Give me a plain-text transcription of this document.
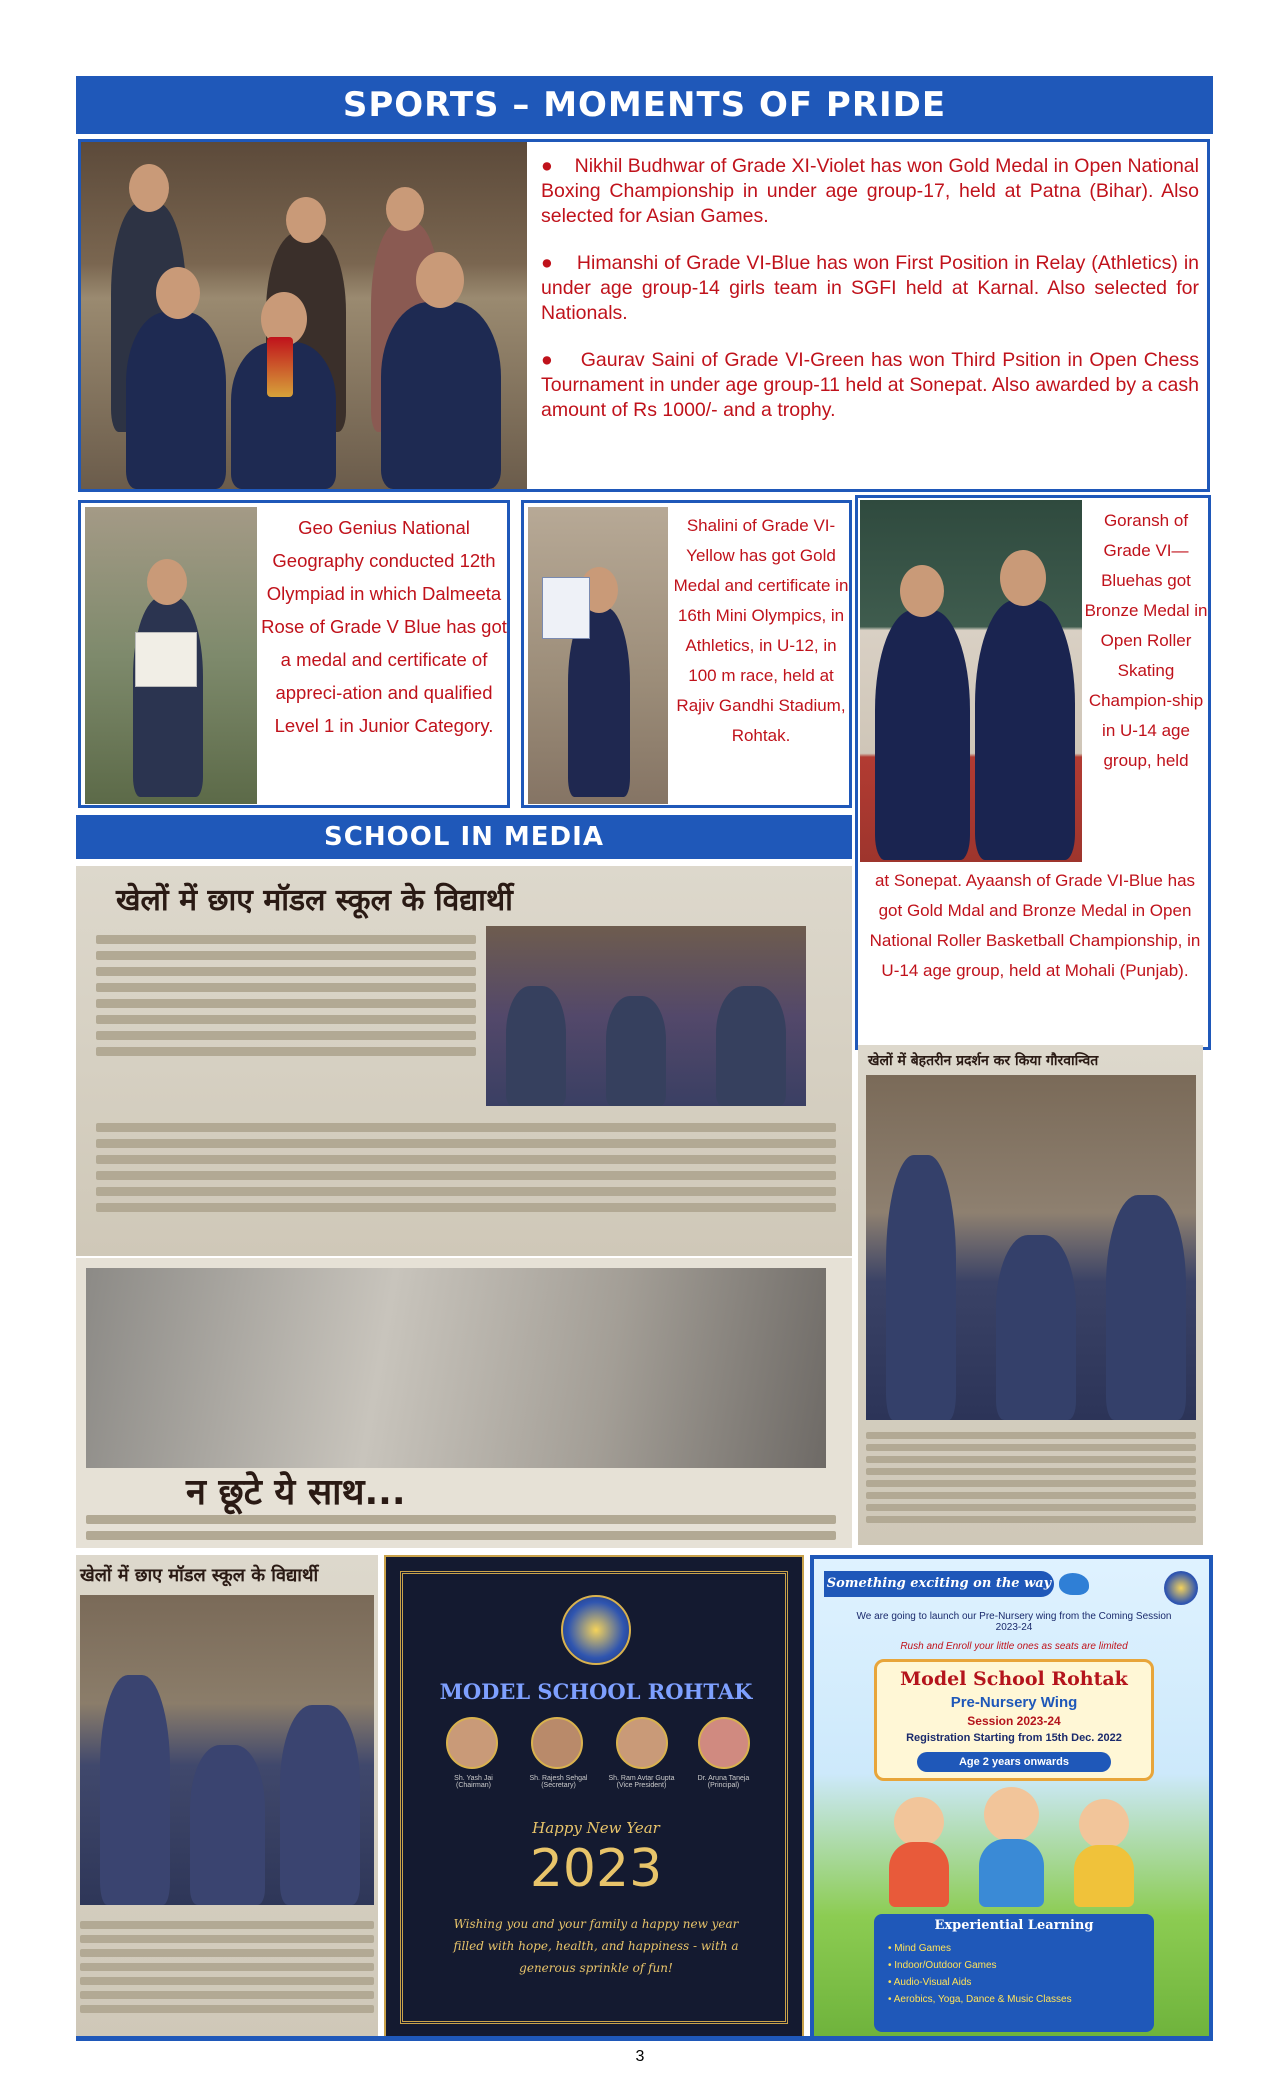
SPORTS – MOMENTS OF PRIDE

●    Nikhil Budhwar of Grade XI-Violet has won Gold Medal in Open National Boxing Championship in under age group-17, held at Patna (Bihar). Also selected for Asian Games.

●    Himanshi of Grade VI-Blue has won First Position in Relay (Athletics) in under age group-14 girls team in SGFI held at Karnal. Also selected for Nationals.

●    Gaurav Saini of Grade VI-Green has won Third Psition in Open Chess Tournament in under age group-11 held at Sonepat. Also awarded by a cash amount of Rs 1000/- and a trophy.

Geo Genius National Geography conducted 12th Olympiad in which Dalmeeta Rose of Grade V Blue has got a medal and certificate of appreci-ation and qualified Level 1 in Junior Category.
Shalini of Grade VI-Yellow has got Gold Medal and certificate in 16th Mini Olympics, in Athletics, in U-12, in 100 m race, held at Rajiv Gandhi Stadium, Rohtak.
Goransh of Grade VI—Bluehas got Bronze Medal in Open Roller Skating Champion-ship in U-14 age group, held
at Sonepat. Ayaansh of Grade VI-Blue has got Gold Mdal and Bronze Medal in Open National Roller Basketball Championship, in U-14 age group, held at Mohali (Punjab).
SCHOOL IN MEDIA
खेलों में छाए मॉडल स्कूल के विद्यार्थी
न छूटे ये साथ...
खेलों में बेहतरीन प्रदर्शन कर किया गौरवान्वित
खेलों में छाए मॉडल स्कूल के विद्यार्थी
MODEL SCHOOL ROHTAK
Sh. Yash Jai (Chairman)
Sh. Rajesh Sehgal (Secretary)
Sh. Ram Avtar Gupta (Vice President)
Dr. Aruna Taneja (Principal)
Happy New Year
2023
Wishing you and your family a happy new year filled with hope, health, and happiness - with a generous sprinkle of fun!
Something exciting on the way
We are going to launch our Pre-Nursery wing from the Coming Session 2023-24
Rush and Enroll your little ones as seats are limited
Model School Rohtak
Pre-Nursery Wing
Session 2023-24
Registration Starting from 15th Dec. 2022
Age 2 years onwards
Experiential Learning
• Mind Games
• Indoor/Outdoor Games
• Audio-Visual Aids
• Aerobics, Yoga, Dance & Music Classes
3
